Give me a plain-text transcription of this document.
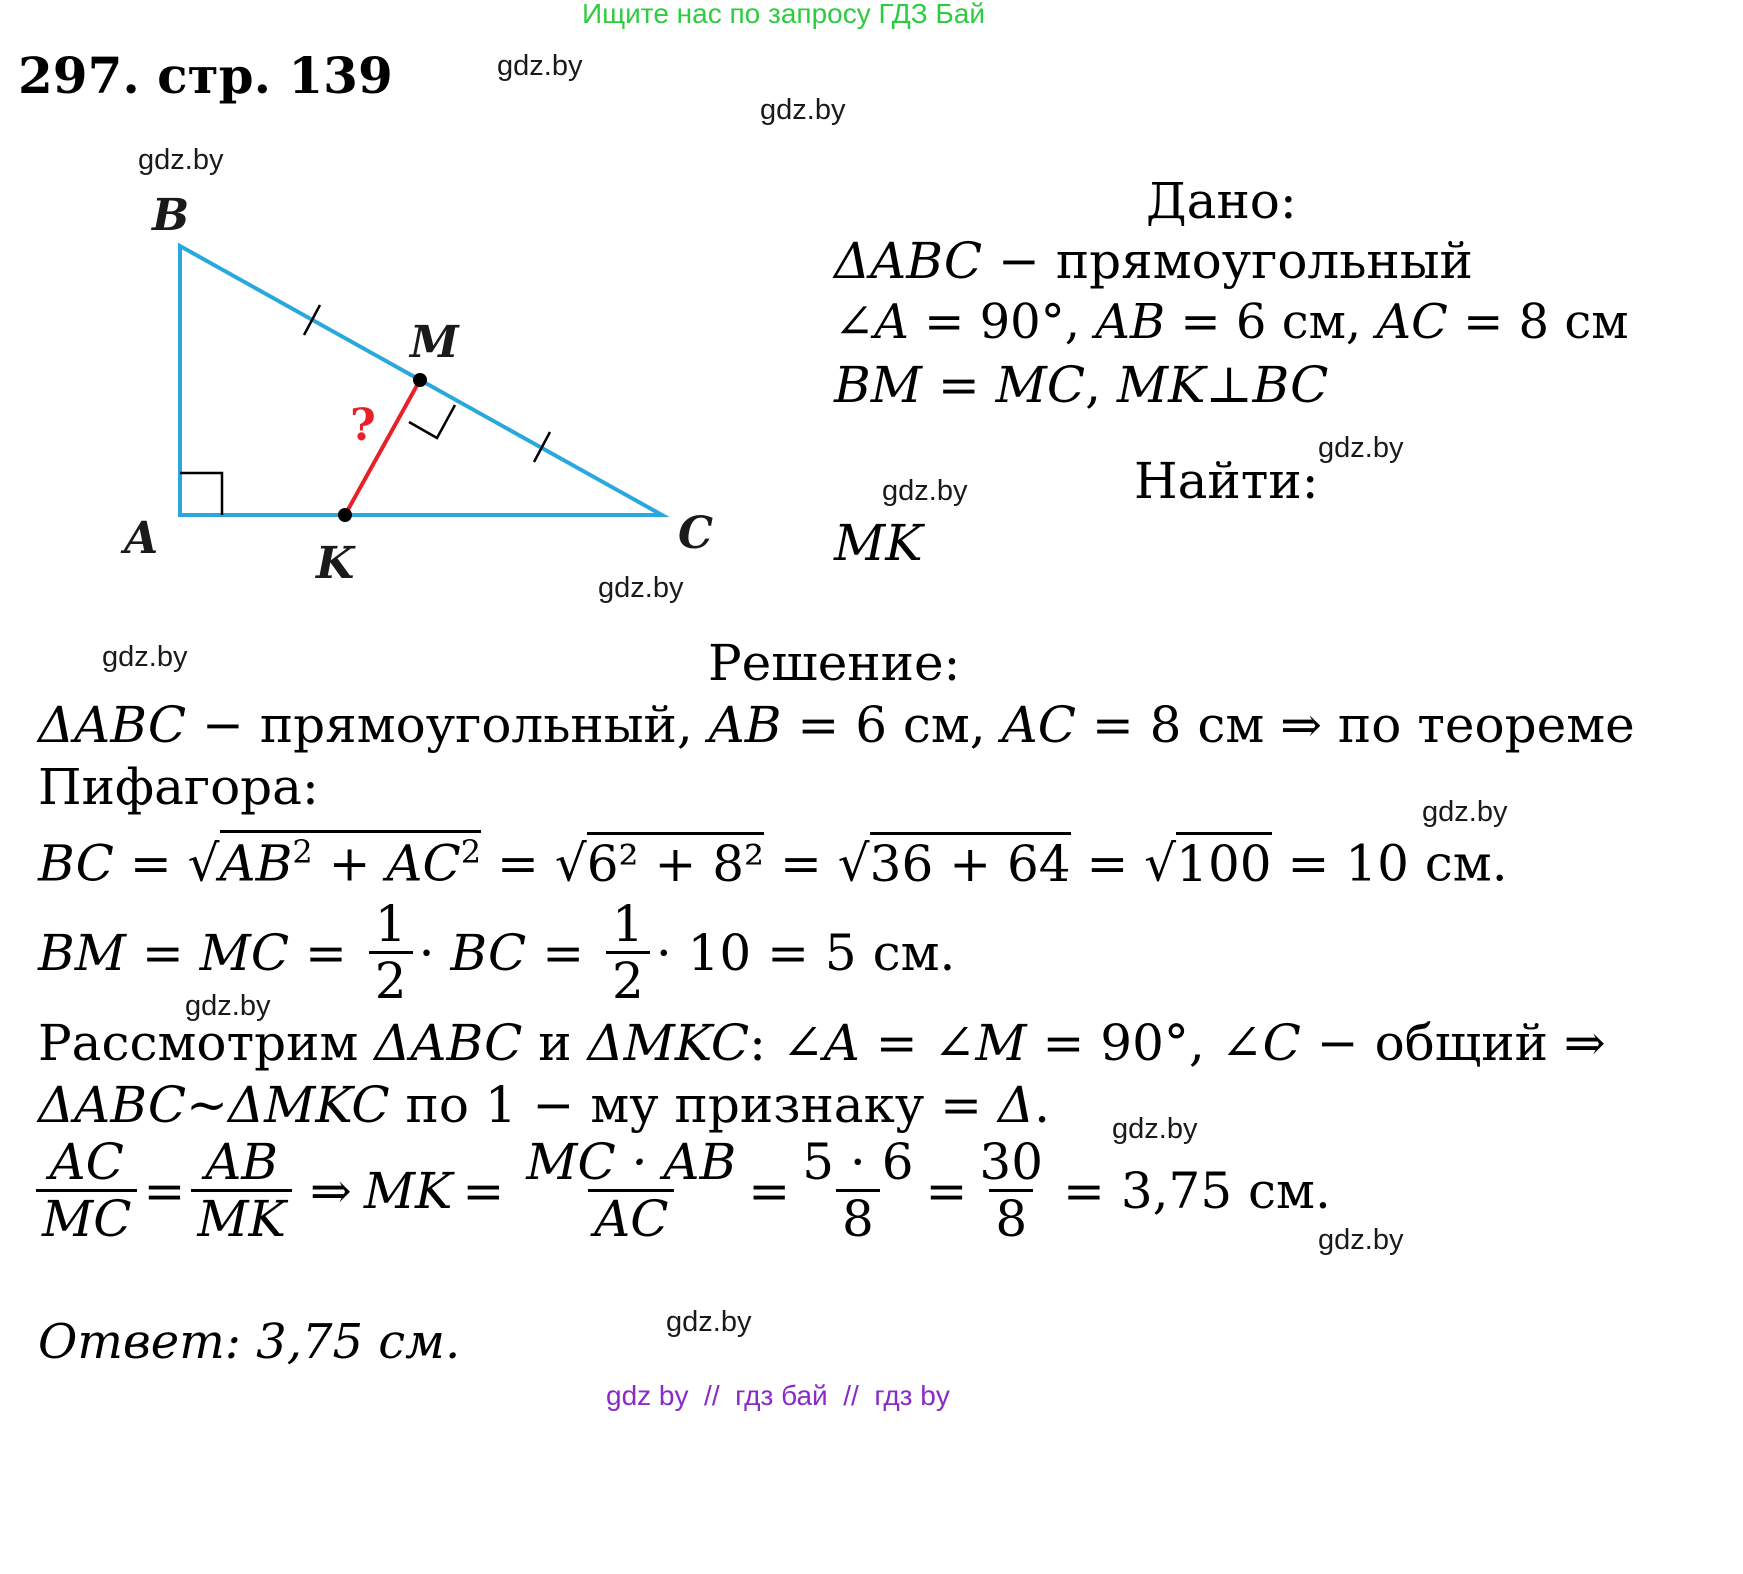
Ищите нас по запросу ГДЗ Бай
297. стр. 139	gdz.by
gdz.by
gdz.by
gdz.by
gdz.by
gdz.by
gdz.by
gdz.by
gdz.by
gdz.by
gdz.by
gdz.by
B
A	C
M
K
?
Дано:
ΔABC − прямоугольный
∠A = 90°, AB = 6 см, AC = 8 см
BM = MC, MK⊥BC
Найти:
MK
Решение:
ΔABC − прямоугольный, AB = 6 см, AC = 8 см ⇒ по теореме
Пифагора:
BC = $√AB^2 + AC^2 = √6^2 + 8^2 = √36 + 64 = √100 = 10$ см.
BM = MC = $\frac{1}{2}$ · BC = $\frac{1}{2} \cdot 10 = 5$ см.
Рассмотрим ΔABC и ΔMKC: ∠A = ∠M = 90°, ∠C − общий ⇒
ΔABC~ΔMKC по 1 − му признаку = Δ.
$\frac{AC}{MC} = \frac{AB}{MK}$ ⇒ MK = $\frac{MC \cdot AB}{AC} = \frac{5 \cdot 6}{8} = \frac{30}{8} = 3,75$ см.
Ответ: 3,75 см.
gdz by  //  гдз бай  //  гдз by
